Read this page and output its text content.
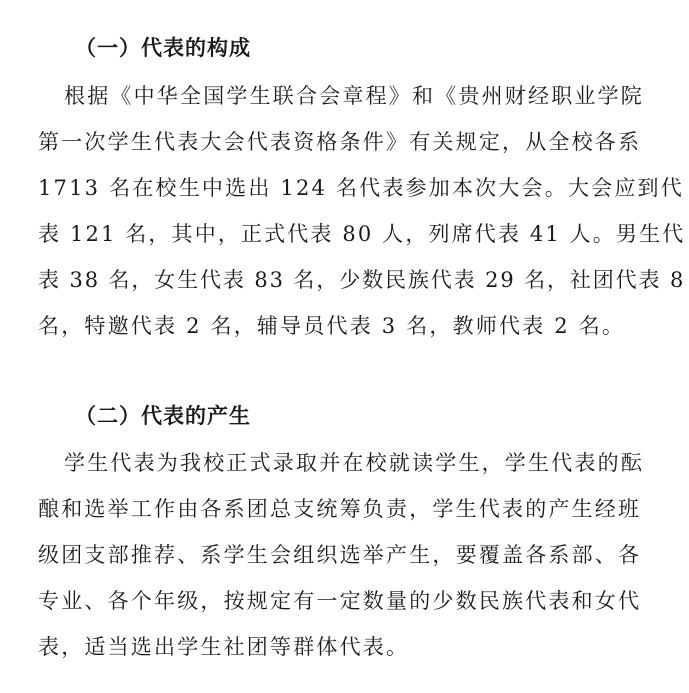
（一）代表的构成
根据《中华全国学生联合会章程》和《贵州财经职业学院
第一次学生代表大会代表资格条件》有关规定，从全校各系
1713 名在校生中选出 124 名代表参加本次大会。大会应到代
表 121 名，其中，正式代表 80 人，列席代表 41 人。男生代
表 38 名，女生代表 83 名，少数民族代表 29 名，社团代表 8
名，特邀代表 2 名，辅导员代表 3 名，教师代表 2 名。
（二）代表的产生
学生代表为我校正式录取并在校就读学生，学生代表的酝
酿和选举工作由各系团总支统筹负责，学生代表的产生经班
级团支部推荐、系学生会组织选举产生，要覆盖各系部、各
专业、各个年级，按规定有一定数量的少数民族代表和女代
表，适当选出学生社团等群体代表。
